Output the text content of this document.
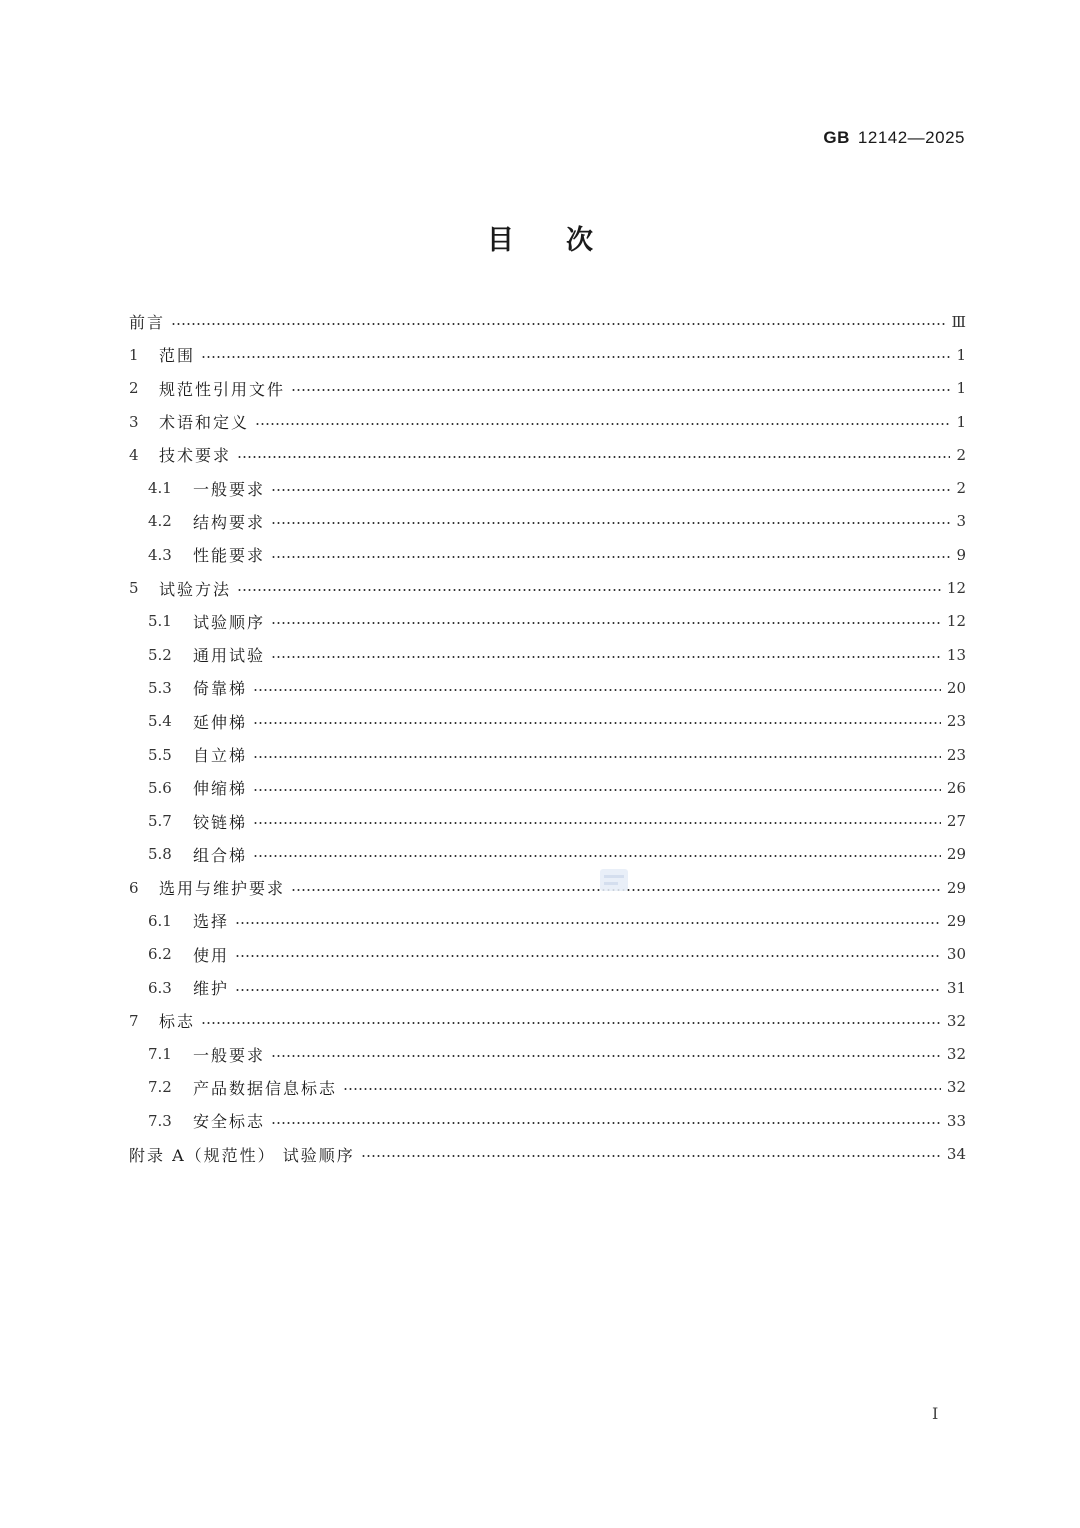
GB 12142—2025
目次
前言	Ⅲ
1	范围	1
2	规范性引用文件	1
3	术语和定义	1
4	技术要求	2
4.1	一般要求	2
4.2	结构要求	3
4.3	性能要求	9
5	试验方法	12
5.1	试验顺序	12
5.2	通用试验	13
5.3	倚靠梯	20
5.4	延伸梯	23
5.5	自立梯	23
5.6	伸缩梯	26
5.7	铰链梯	27
5.8	组合梯	29
6	选用与维护要求	29
6.1	选择	29
6.2	使用	30
6.3	维护	31
7	标志	32
7.1	一般要求	32
7.2	产品数据信息标志	32
7.3	安全标志	33
附录 A（规范性） 试验顺序	34
I
